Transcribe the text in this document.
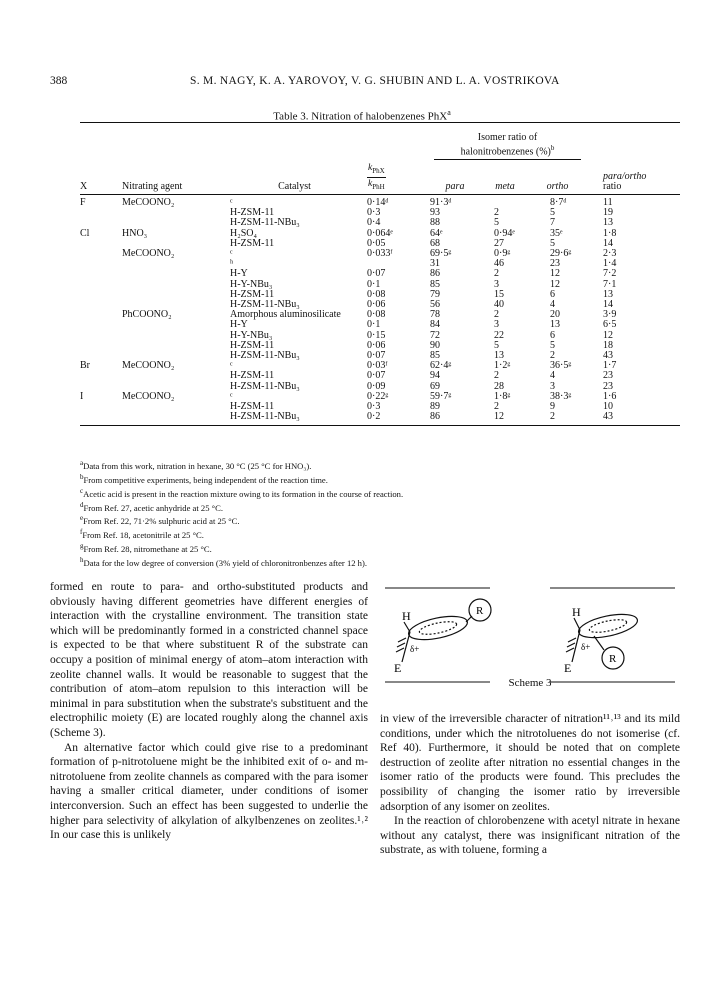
388	S. M. NAGY, K. A. YAROVOY, V. G. SHUBIN AND L. A. VOSTRIKOVA
Table 3. Nitration of halobenzenes PhX$^a$

				Isomer ratio of
halonitrobenzenes (%)$^b$

X	Nitrating agent	Catalyst	$\frac{k_{PhX}}{k_{PhH}}$	para	meta	ortho	para/ortho
ratio

F	MeCOONO₂	ᶜ	0·14ᵈ	91·3ᵈ		8·7ᵈ	11
		H-ZSM-11	0·3	93	2	5	19
		H-ZSM-11-NBu₃	0·4	88	5	7	13
Cl	HNO₃	H₂SO₄	0·064ᵉ	64ᵉ	0·94ᵉ	35ᵉ	1·8
		H-ZSM-11	0·05	68	27	5	14
	MeCOONO₂	ᶜ	0·033ᶠ	69·5ᵍ	0·9ᵍ	29·6ᵍ	2·3
		ʰ		31	46	23	1·4
		H-Y	0·07	86	2	12	7·2
		H-Y-NBu₃	0·1	85	3	12	7·1
		H-ZSM-11	0·08	79	15	6	13
		H-ZSM-11-NBu₃	0·06	56	40	4	14
	PhCOONO₂	Amorphous aluminosilicate	0·08	78	2	20	3·9
		H-Y	0·1	84	3	13	6·5
		H-Y-NBu₃	0·15	72	22	6	12
		H-ZSM-11	0·06	90	5	5	18
		H-ZSM-11-NBu₃	0·07	85	13	2	43
Br	MeCOONO₂	ᶜ	0·03ᶠ	62·4ᵍ	1·2ᵍ	36·5ᵍ	1·7
		H-ZSM-11	0·07	94	2	4	23
		H-ZSM-11-NBu₃	0·09	69	28	3	23
I	MeCOONO₂	ᶜ	0·22ᵍ	59·7ᵍ	1·8ᵍ	38·3ᵍ	1·6
		H-ZSM-11	0·3	89	2	9	10
		H-ZSM-11-NBu₃	0·2	86	12	2	43
$^a$Data from this work, nitration in hexane, 30 °C (25 °C for HNO₃).
$^b$From competitive experiments, being independent of the reaction time.
$^c$Acetic acid is present in the reaction mixture owing to its formation in the course of reaction.
$^d$From Ref. 27, acetic anhydride at 25 °C.
$^e$From Ref. 22, 71·2% sulphuric acid at 25 °C.
$^f$From Ref. 18, acetonitrile at 25 °C.
$^g$From Ref. 28, nitromethane at 25 °C.
$^h$Data for the low degree of conversion (3% yield of chloronitronbenzes after 12 h).

formed en route to para- and ortho-substituted products and obviously having different geometries have different energies of interaction with the crystalline environment. The transition state which will be predominantly formed in a constricted channel space is expected to be that where substituent R of the substrate can occupy a position of minimal energy of atom–atom interaction with zeolite channel walls. It would be reasonable to suggest that the contribution of atom–atom repulsion to this interaction will be minimal in para substitution when the substrate's substituent and the electrophilic moiety (E) are located roughly along the channel axis (Scheme 3).

An alternative factor which could give rise to a predominant formation of p-nitrotoluene might be the inhibited exit of o- and m-nitrotoluene from zeolite channels as compared with the para isomer having a smaller critical diameter, under conditions of isomer interconversion. Such an effect has been suggested to underlie the higher para selectivity of alkylation of alkylbenzenes on zeolites.¹˒² In our case this is unlikely

H	R
δ+
E
H
R
δ+
E
Scheme 3

in view of the irreversible character of nitration¹¹˒¹³ and its mild conditions, under which the nitrotoluenes do not isomerise (cf. Ref 40). Furthermore, it should be noted that on complete destruction of zeolite after nitration no essential changes in the isomer ratio of the products were found. This precludes the possibility of changing the isomer ratio by irreversible adsorption of any isomer on zeolites.

In the reaction of chlorobenzene with acetyl nitrate in hexane without any catalyst, there was insignificant nitration of the substrate, as with toluene, forming a
